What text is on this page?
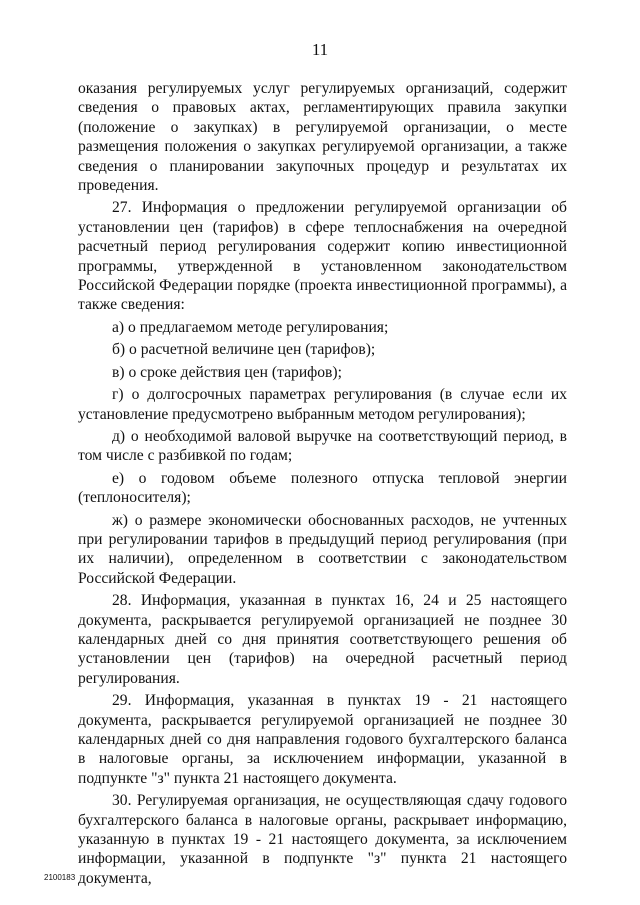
11

оказания регулируемых услуг регулируемых организаций, содержит сведения о правовых актах, регламентирующих правила закупки (положение о закупках) в регулируемой организации, о месте размещения положения о закупках регулируемой организации, а также сведения о планировании закупочных процедур и результатах их проведения.

27. Информация о предложении регулируемой организации об установлении цен (тарифов) в сфере теплоснабжения на очередной расчетный период регулирования содержит копию инвестиционной программы, утвержденной в установленном законодательством Российской Федерации порядке (проекта инвестиционной программы), а также сведения:

а) о предлагаемом методе регулирования;

б) о расчетной величине цен (тарифов);

в) о сроке действия цен (тарифов);

г) о долгосрочных параметрах регулирования (в случае если их установление предусмотрено выбранным методом регулирования);

д) о необходимой валовой выручке на соответствующий период, в том числе с разбивкой по годам;

е) о годовом объеме полезного отпуска тепловой энергии (теплоносителя);

ж) о размере экономически обоснованных расходов, не учтенных при регулировании тарифов в предыдущий период регулирования (при их наличии), определенном в соответствии с законодательством Российской Федерации.

28. Информация, указанная в пунктах 16, 24 и 25 настоящего документа, раскрывается регулируемой организацией не позднее 30 календарных дней со дня принятия соответствующего решения об установлении цен (тарифов) на очередной расчетный период регулирования.

29. Информация, указанная в пунктах 19 - 21 настоящего документа, раскрывается регулируемой организацией не позднее 30 календарных дней со дня направления годового бухгалтерского баланса в налоговые органы, за исключением информации, указанной в подпункте "з" пункта 21 настоящего документа.

30. Регулируемая организация, не осуществляющая сдачу годового бухгалтерского баланса в налоговые органы, раскрывает информацию, указанную в пунктах 19 - 21 настоящего документа, за исключением информации, указанной в подпункте "з" пункта 21 настоящего документа,

2100183
